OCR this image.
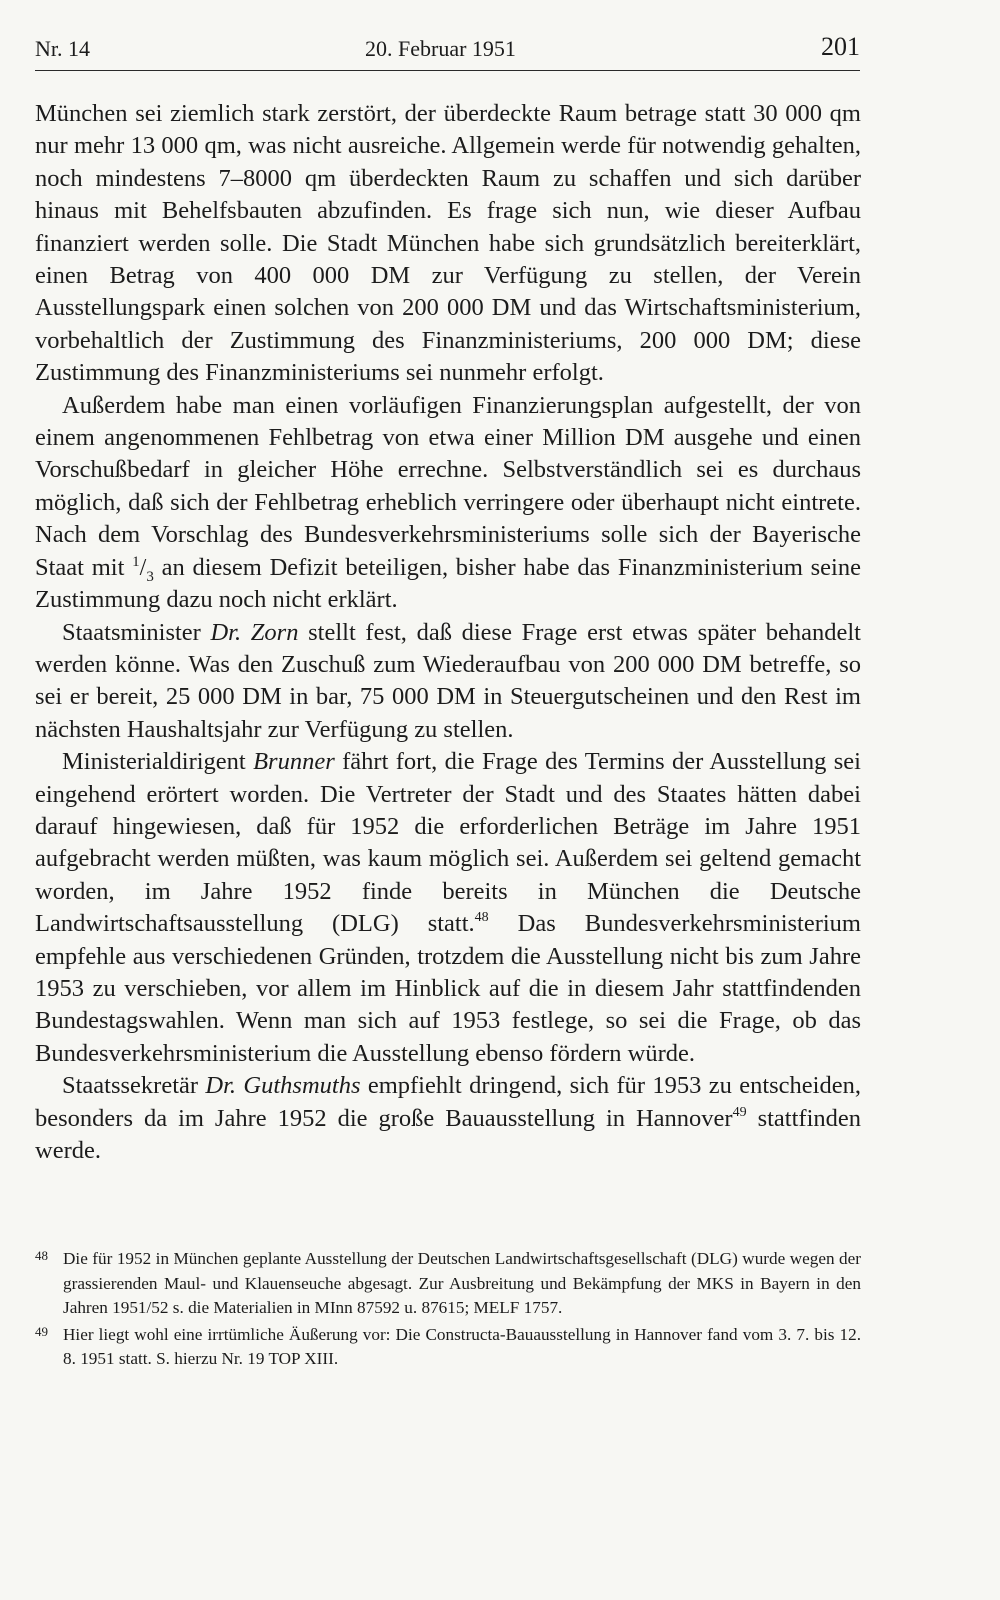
Nr. 14	20. Februar 1951	201

München sei ziemlich stark zerstört, der überdeckte Raum betrage statt 30 000 qm nur mehr 13 000 qm, was nicht ausreiche. Allgemein werde für notwendig gehalten, noch mindestens 7–8000 qm überdeckten Raum zu schaffen und sich darüber hinaus mit Behelfsbauten abzufinden. Es frage sich nun, wie dieser Aufbau finanziert werden solle. Die Stadt München habe sich grundsätzlich bereiterklärt, einen Betrag von 400 000 DM zur Verfügung zu stellen, der Verein Ausstellungspark einen solchen von 200 000 DM und das Wirtschaftsministerium, vorbehaltlich der Zustimmung des Finanzministeriums, 200 000 DM; diese Zustimmung des Finanzministeriums sei nunmehr erfolgt.

Außerdem habe man einen vorläufigen Finanzierungsplan aufgestellt, der von einem angenommenen Fehlbetrag von etwa einer Million DM ausgehe und einen Vorschußbedarf in gleicher Höhe errechne. Selbstverständlich sei es durchaus möglich, daß sich der Fehlbetrag erheblich verringere oder überhaupt nicht eintrete. Nach dem Vorschlag des Bundesverkehrsministeriums solle sich der Bayerische Staat mit $^1/_3$ an diesem Defizit beteiligen, bisher habe das Finanzministerium seine Zustimmung dazu noch nicht erklärt.

Staatsminister Dr. Zorn stellt fest, daß diese Frage erst etwas später behandelt werden könne. Was den Zuschuß zum Wiederaufbau von 200 000 DM betreffe, so sei er bereit, 25 000 DM in bar, 75 000 DM in Steuergutscheinen und den Rest im nächsten Haushaltsjahr zur Verfügung zu stellen.

Ministerialdirigent Brunner fährt fort, die Frage des Termins der Ausstellung sei eingehend erörtert worden. Die Vertreter der Stadt und des Staates hätten dabei darauf hingewiesen, daß für 1952 die erforderlichen Beträge im Jahre 1951 aufgebracht werden müßten, was kaum möglich sei. Außerdem sei geltend gemacht worden, im Jahre 1952 finde bereits in München die Deutsche Landwirtschaftsausstellung (DLG) statt.$^{48}$ Das Bundesverkehrsministerium empfehle aus verschiedenen Gründen, trotzdem die Ausstellung nicht bis zum Jahre 1953 zu verschieben, vor allem im Hinblick auf die in diesem Jahr stattfindenden Bundestagswahlen. Wenn man sich auf 1953 festlege, so sei die Frage, ob das Bundesverkehrsministerium die Ausstellung ebenso fördern würde.

Staatssekretär Dr. Guthsmuths empfiehlt dringend, sich für 1953 zu entscheiden, besonders da im Jahre 1952 die große Bauausstellung in Hannover$^{49}$ stattfinden werde.

48 Die für 1952 in München geplante Ausstellung der Deutschen Landwirtschaftsgesellschaft (DLG) wurde wegen der grassierenden Maul- und Klauenseuche abgesagt. Zur Ausbreitung und Bekämpfung der MKS in Bayern in den Jahren 1951/52 s. die Materialien in MInn 87592 u. 87615; MELF 1757.
49 Hier liegt wohl eine irrtümliche Äußerung vor: Die Constructa-Bauausstellung in Hannover fand vom 3. 7. bis 12. 8. 1951 statt. S. hierzu Nr. 19 TOP XIII.
